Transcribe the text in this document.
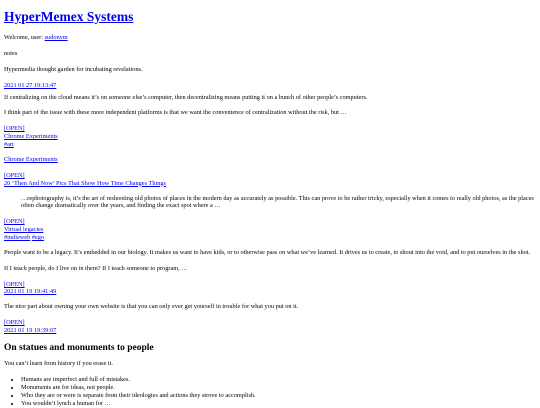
HyperMemex Systems

Welcome, user: sudonym

notes

Hypermedia thought garden for incubating revelations.

2021 01 27 19:13:47

If centralizing on the cloud means it’s on someone else’s computer, then decentralizing means putting it on a bunch of other people’s computers.

I think part of the issue with these more independent platforms is that we want the convenience of centralization without the risk, but …

[OPEN]
Chrome Experiments
#art

Chrome Experiments

[OPEN]
20 ‘Then And Now’ Pics That Show How Time Changes Things
…rephotography is, it’s the art of reshooting old photos of places in the modern day as accurately as possible. This can prove to be rather tricky, especially when it comes to really old photos, as the places often change dramatically over the years, and finding the exact spot where a …
[OPEN]
Virtual legacies
#indieweb #ego

People want to be a legacy. It’s embedded in our biology. It makes us want to have kids, or to otherwise pass on what we’ve learned. It drives us to create, to shout into the void, and to put ourselves in the shot.

If I teach people, do I live on in them? If I teach someone to program, …

[OPEN]
2021 01 19 19:41:49

The nice part about owning your own website is that you can only ever get yourself in trouble for what you put on it.

[OPEN]
2021 01 19 19:39:07
On statues and monuments to people

You can’t learn from history if you erase it.

• Humans are imperfect and full of mistakes.
• Monuments are for ideas, not people.
• Who they are or were is separate from their ideologies and actions they strove to accomplish.
• You wouldn’t lynch a human for …
